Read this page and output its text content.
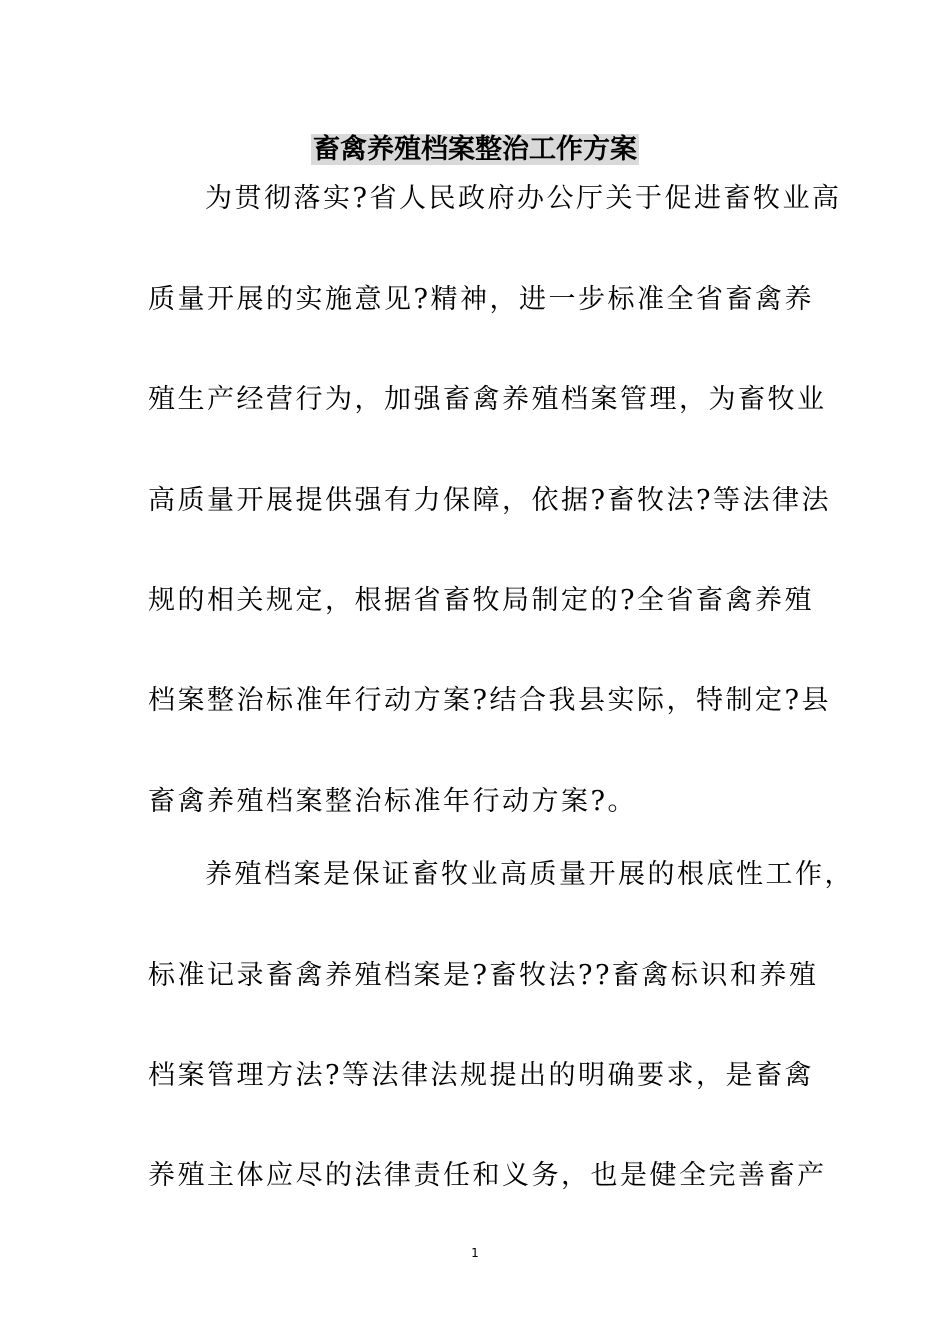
畜禽养殖档案整治工作方案

为贯彻落实?省人民政府办公厅关于促进畜牧业高

质量开展的实施意见?精神，进一步标准全省畜禽养

殖生产经营行为，加强畜禽养殖档案管理，为畜牧业

高质量开展提供强有力保障，依据?畜牧法?等法律法

规的相关规定，根据省畜牧局制定的?全省畜禽养殖

档案整治标准年行动方案?结合我县实际，特制定?县

畜禽养殖档案整治标准年行动方案?。

养殖档案是保证畜牧业高质量开展的根底性工作，

标准记录畜禽养殖档案是?畜牧法??畜禽标识和养殖

档案管理方法?等法律法规提出的明确要求，是畜禽

养殖主体应尽的法律责任和义务，也是健全完善畜产

1
